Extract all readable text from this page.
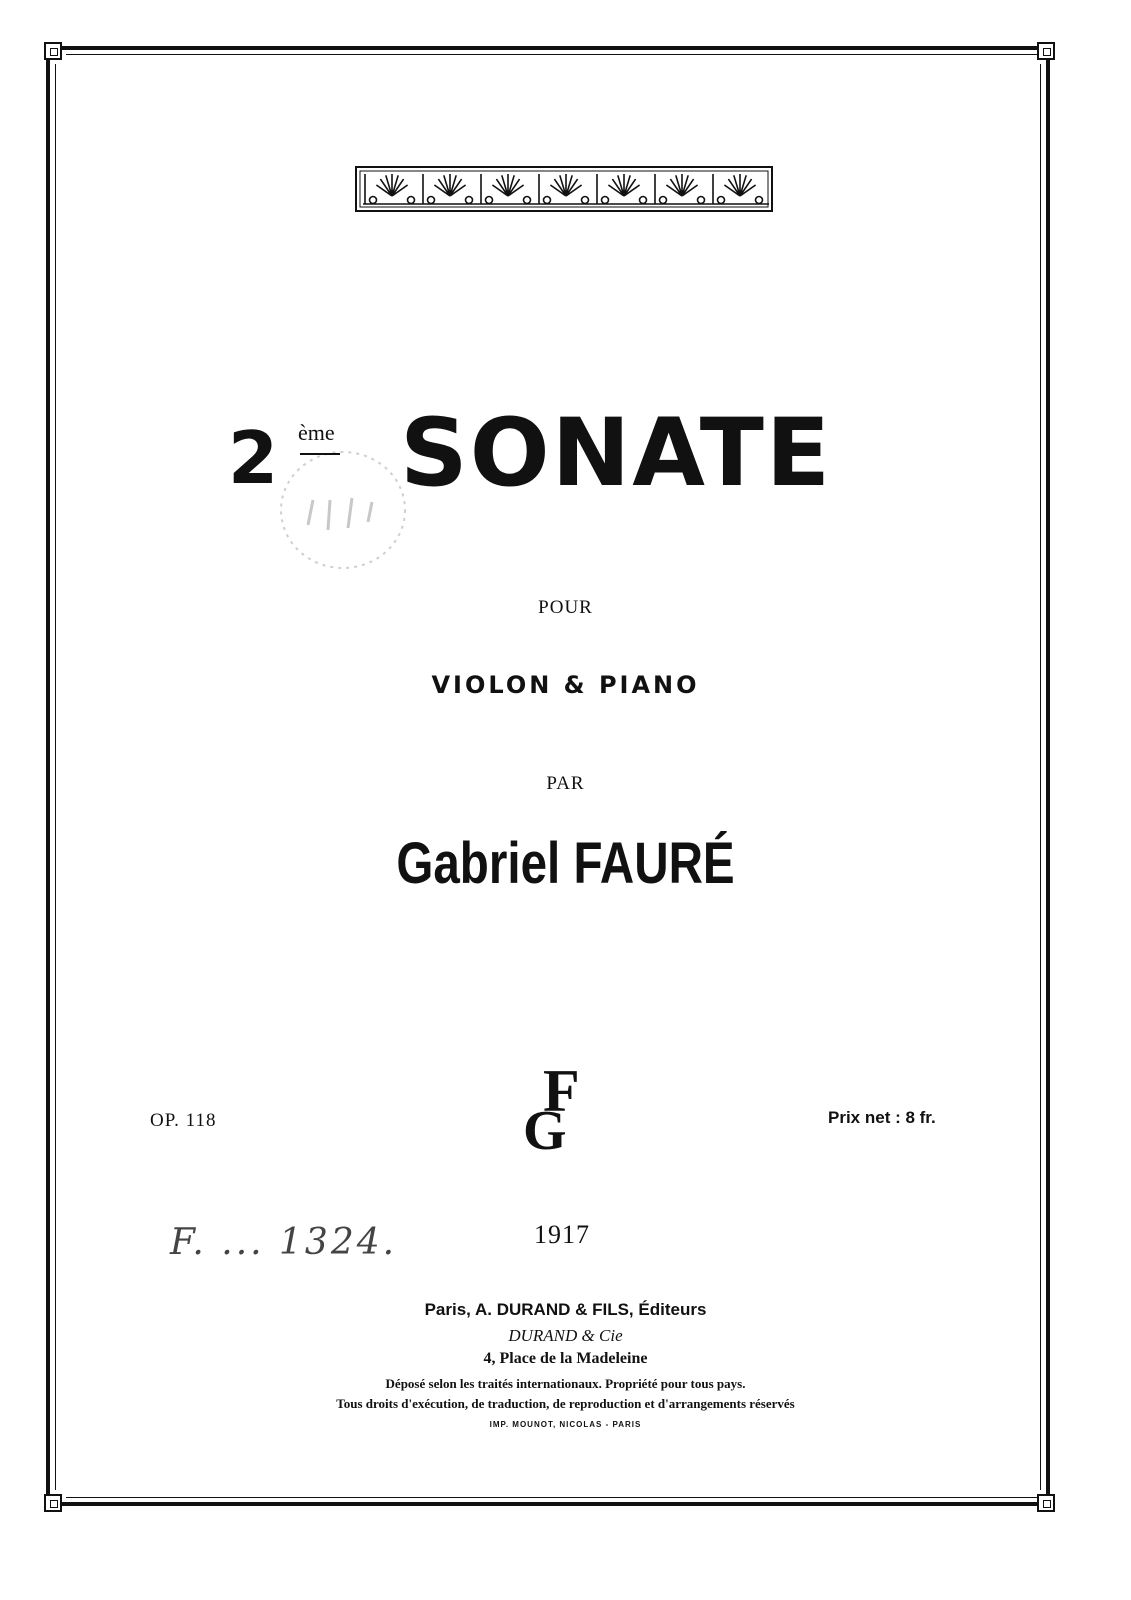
2 ème SONATE
POUR
VIOLON & PIANO
PAR
Gabriel FAURÉ
OP. 118	Prix net : 8 fr.
F
G
1917
F. ... 1324.
Paris, A. DURAND & FILS, Éditeurs
DURAND & Cie
4, Place de la Madeleine
Déposé selon les traités internationaux. Propriété pour tous pays.
Tous droits d'exécution, de traduction, de reproduction et d'arrangements réservés
IMP. MOUNOT, NICOLAS - PARIS
